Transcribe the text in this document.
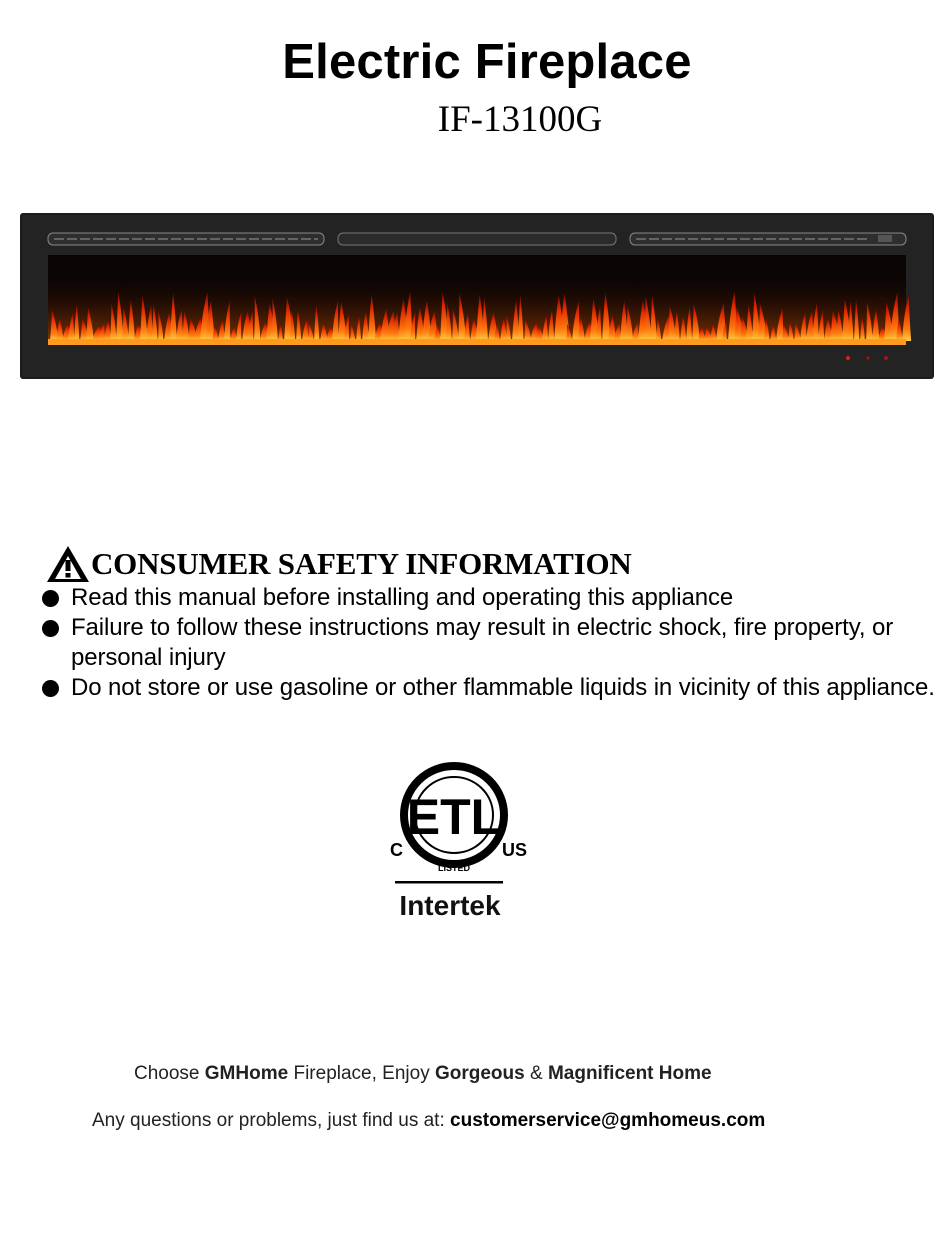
Electric Fireplace
IF-13100G
CONSUMER SAFETY INFORMATION
Read this manual before installing and operating this appliance
Failure to follow these instructions may result in electric shock, fire property, or personal injury
Do not store or use gasoline or other flammable liquids in vicinity of this appliance.
ETL
C	US
LISTED
Intertek
Choose GMHome Fireplace, Enjoy Gorgeous & Magnificent Home
Any questions or problems, just find us at: customerservice@gmhomeus.com
